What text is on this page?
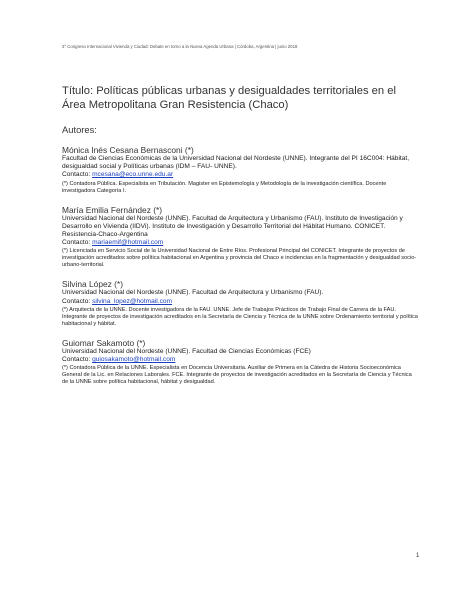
3° Congreso Internacional Vivienda y Ciudad: Debate en torno a la Nueva Agenda Urbana | Córdoba, Argentina | junio 2018
Título: Políticas públicas urbanas y desigualdades territoriales en el Área Metropolitana Gran Resistencia (Chaco)
Autores:
Mónica Inés Cesana Bernasconi (*)
Facultad de Ciencias Económicas de la Universidad Nacional del Nordeste (UNNE). Integrante del PI 16C004: Hábitat, desigualdad social y Políticas urbanas (IDM – FAU- UNNE).
Contacto: mcesana@eco.unne.edu.ar
(*) Contadora Pública. Especialista en Tributación. Magister en Epistemología y Metodología de la investigación científica. Docente investigadora Categoría I.
María Emilia Fernández (*)
Universidad Nacional del Nordeste (UNNE). Facultad de Arquitectura y Urbanismo (FAU). Instituto de Investigación y Desarrollo en Vivienda (IIDVi). Instituto de Investigación y Desarrollo Territorial del Hábitat Humano. CONICET. Resistencia-Chaco-Argentina
Contacto: mariaemif@hotmail.com
(*) Licenciada en Servicio Social de la Universidad Nacional de Entre Ríos. Profesional Principal del CONICET. Integrante de proyectos de investigación acreditados sobre política habitacional en Argentina y provincia del Chaco e incidencias en la fragmentación y desigualdad socio-urbano-territorial.
Silvina López (*)
Universidad Nacional del Nordeste (UNNE). Facultad de Arquitectura y Urbanismo (FAU).
Contacto: silvina_lopez@hotmail.com
(*) Arquitecta de la UNNE. Docente investigadora de la FAU. UNNE. Jefe de Trabajos Prácticos de Trabajo Final de Carrera de la FAU. Integrante de proyectos de investigación acreditados en la Secretaría de Ciencia y Técnica de la UNNE sobre Ordenamiento territorial y política habitacional y hábitat.
Guiomar Sakamoto (*)
Universidad Nacional del Nordeste (UNNE). Facultad de Ciencias Económicas (FCE)
Contacto: guiosakamoto@hotmail.com
(*) Contadora Pública de la UNNE. Especialista en Docencia Universitaria. Auxiliar de Primera en la Cátedra de Historia Socioeconómica General de la Lic. en Relaciones Laborales. FCE. Integrante de proyectos de investigación acreditados en la Secretaría de Ciencia y Técnica de la UNNE sobre política habitacional, hábitat y desigualdad.
1
